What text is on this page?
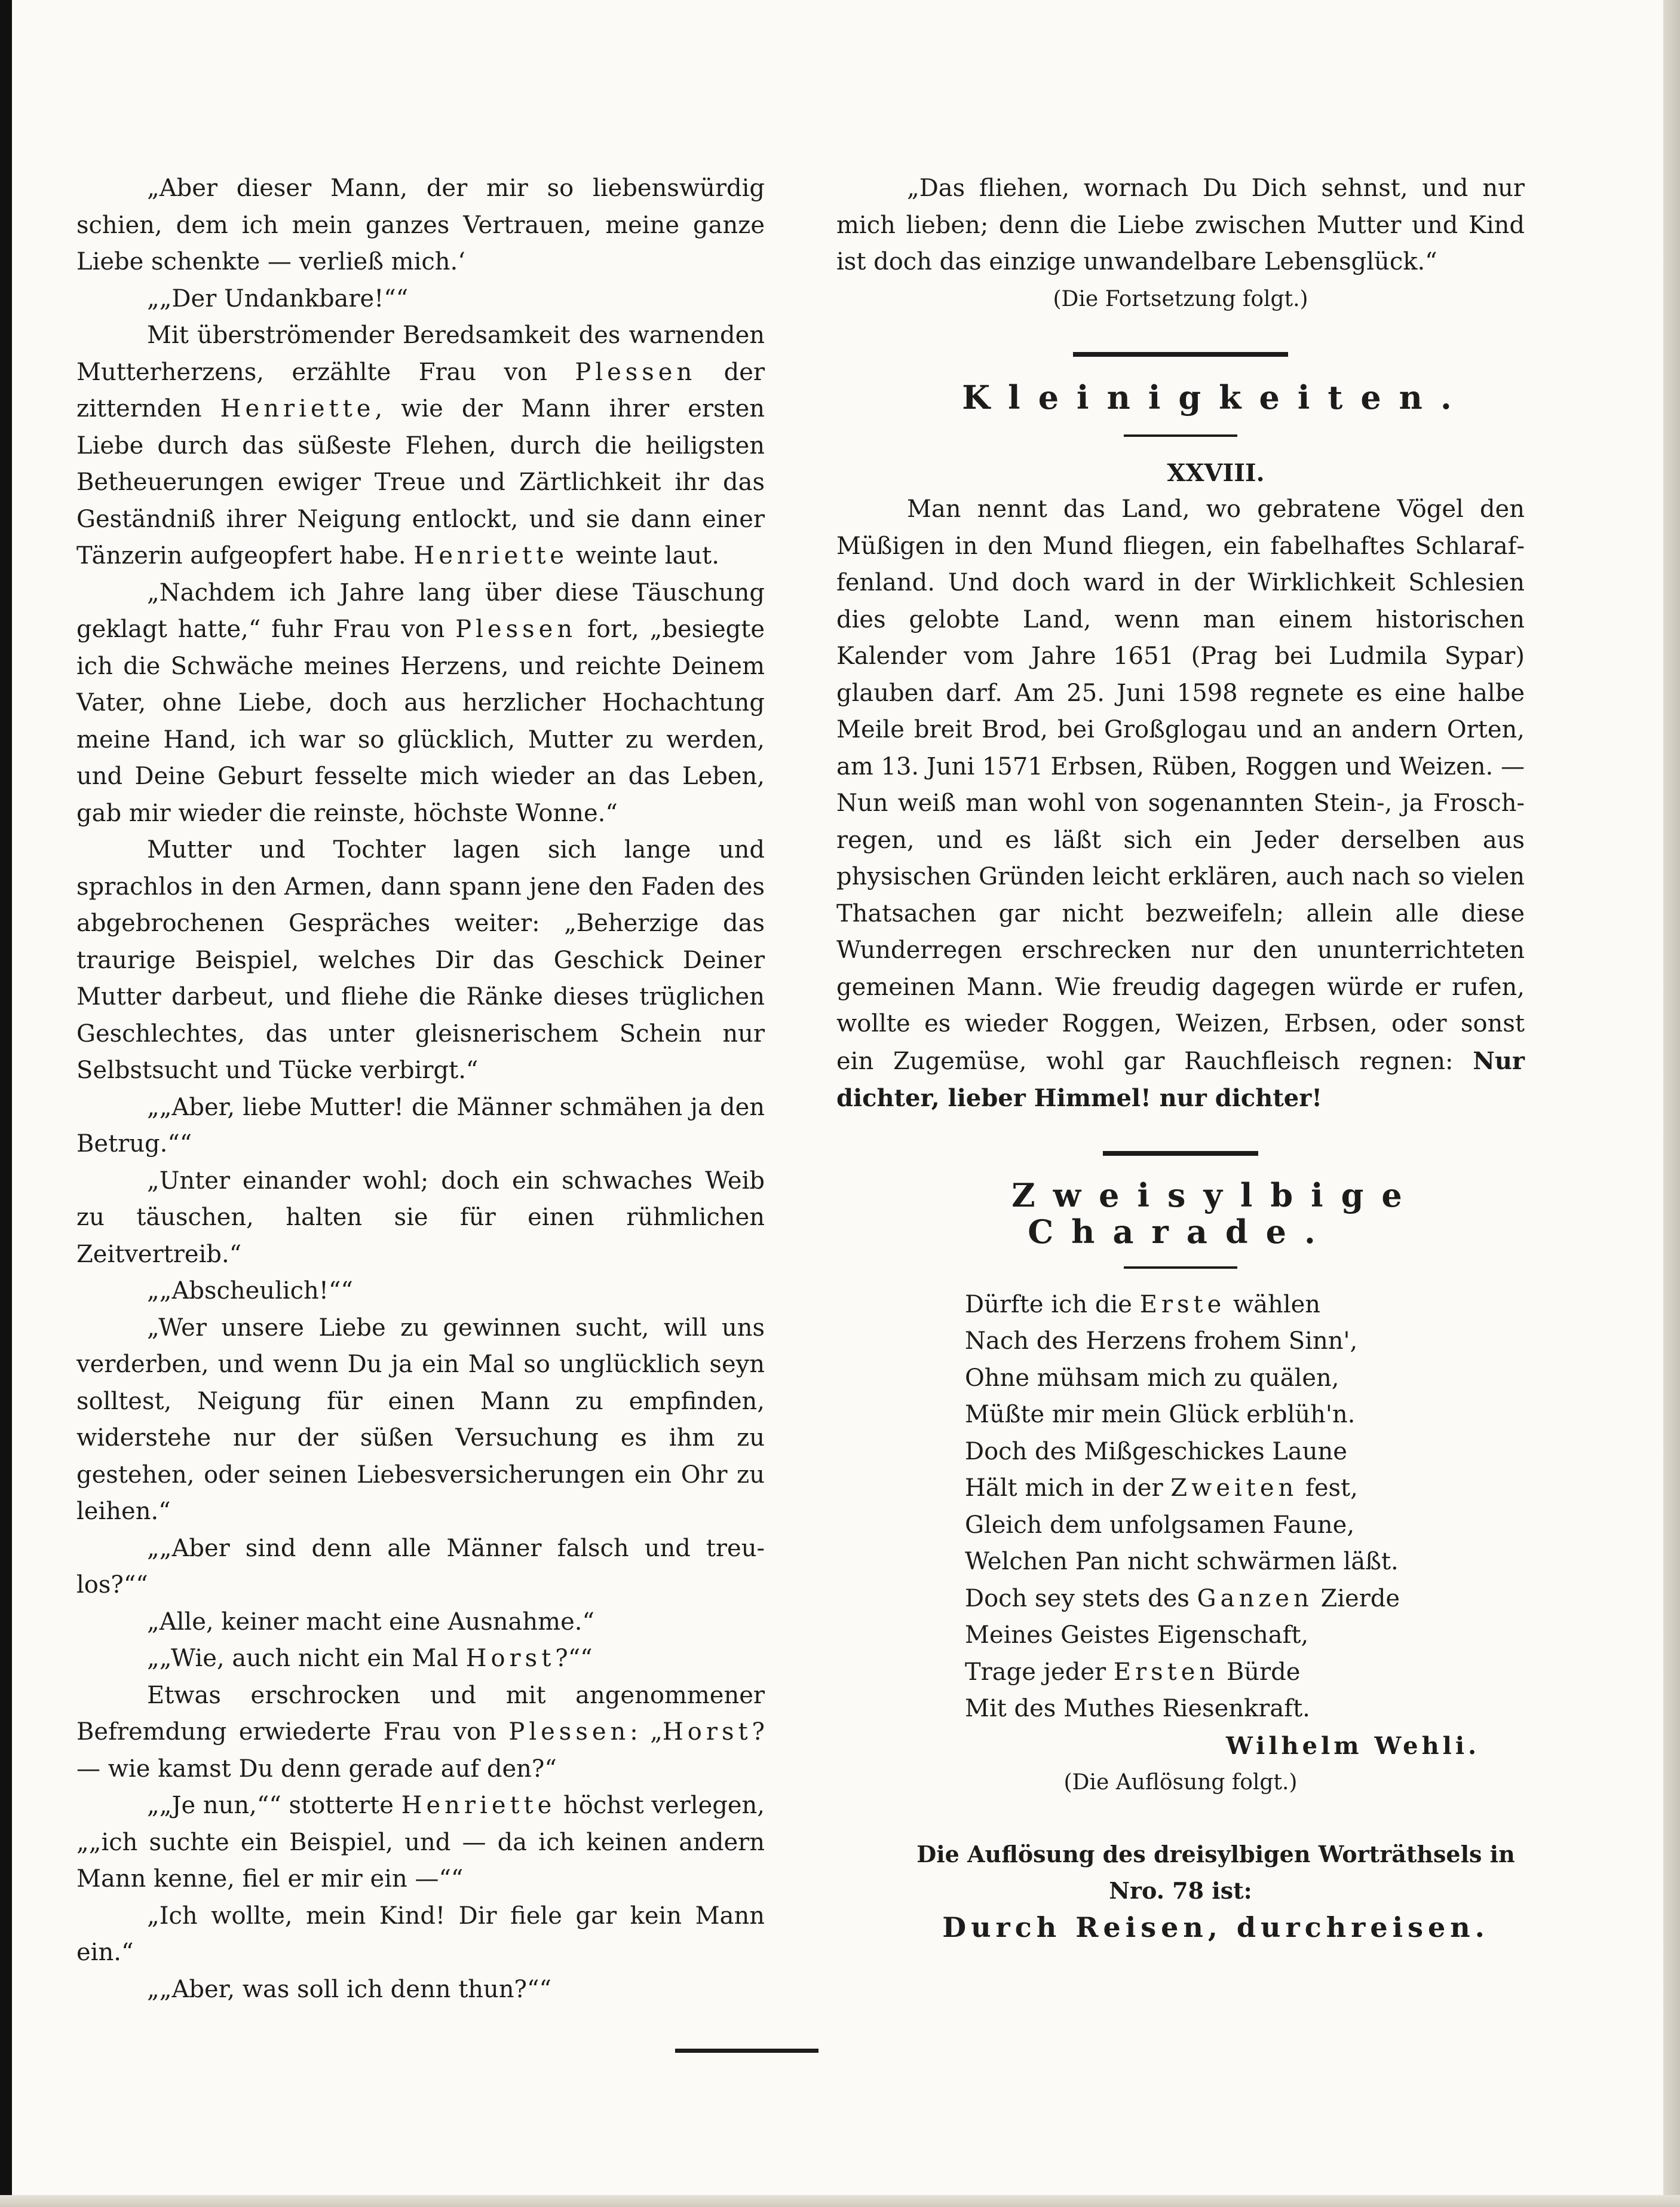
„Aber dieser Mann, der mir so liebenswürdig schien, dem ich mein ganzes Vertrauen, meine ganze Liebe schenkte — verließ mich.‘

„„Der Undankbare!““

Mit überströmender Beredsamkeit des warnenden Mutterherzens, erzählte Frau von Plessen der zitternden Henriette, wie der Mann ihrer ersten Liebe durch das süßeste Flehen, durch die heiligsten Betheuerungen ewiger Treue und Zärtlichkeit ihr das Geständniß ihrer Neigung entlockt, und sie dann einer Tänzerin aufgeopfert habe. Henriette weinte laut.

„Nachdem ich Jahre lang über diese Täuschung geklagt hatte,“ fuhr Frau von Plessen fort, „besiegte ich die Schwäche meines Herzens, und reichte Deinem Vater, ohne Liebe, doch aus herzlicher Hochachtung meine Hand, ich war so glücklich, Mutter zu werden, und Deine Geburt fesselte mich wieder an das Leben, gab mir wieder die reinste, höchste Wonne.“

Mutter und Tochter lagen sich lange und sprachlos in den Armen, dann spann jene den Faden des abgebrochenen Gespräches weiter: „Beherzige das traurige Beispiel, welches Dir das Geschick Deiner Mutter darbeut, und fliehe die Ränke dieses trüglichen Geschlechtes, das unter gleisnerischem Schein nur Selbstsucht und Tücke verbirgt.“

„„Aber, liebe Mutter! die Männer schmähen ja den Betrug.““

„Unter einander wohl; doch ein schwaches Weib zu täuschen, halten sie für einen rühmlichen Zeitvertreib.“

„„Abscheulich!““

„Wer unsere Liebe zu gewinnen sucht, will uns verderben, und wenn Du ja ein Mal so unglücklich seyn solltest, Neigung für einen Mann zu empfinden, widerstehe nur der süßen Versuchung es ihm zu gestehen, oder seinen Liebesversicherungen ein Ohr zu leihen.“

„„Aber sind denn alle Männer falsch und treulos?““

„Alle, keiner macht eine Ausnahme.“

„„Wie, auch nicht ein Mal Horst?““

Etwas erschrocken und mit angenommener Befremdung erwiederte Frau von Plessen: „Horst? — wie kamst Du denn gerade auf den?“

„„Je nun,““ stotterte Henriette höchst verlegen, „„ich suchte ein Beispiel, und — da ich keinen andern Mann kenne, fiel er mir ein —““

„Ich wollte, mein Kind! Dir fiele gar kein Mann ein.“

„„Aber, was soll ich denn thun?““

„Das fliehen, wornach Du Dich sehnst, und nur mich lieben; denn die Liebe zwischen Mutter und Kind ist doch das einzige unwandelbare Lebensglück.“

(Die Fortsetzung folgt.)

Kleinigkeiten.

XXVIII.

Man nennt das Land, wo gebratene Vögel den Müßigen in den Mund fliegen, ein fabelhaftes Schlaraffenland. Und doch ward in der Wirklichkeit Schlesien dies gelobte Land, wenn man einem historischen Kalender vom Jahre 1651 (Prag bei Ludmila Sypar) glauben darf. Am 25. Juni 1598 regnete es eine halbe Meile breit Brod, bei Großglogau und an andern Orten, am 13. Juni 1571 Erbsen, Rüben, Roggen und Weizen. — Nun weiß man wohl von sogenannten Stein-, ja Froschregen, und es läßt sich ein Jeder derselben aus physischen Gründen leicht erklären, auch nach so vielen Thatsachen gar nicht bezweifeln; allein alle diese Wunderregen erschrecken nur den ununterrichteten gemeinen Mann. Wie freudig dagegen würde er rufen, wollte es wieder Roggen, Weizen, Erbsen, oder sonst ein Zugemüse, wohl gar Rauchfleisch regnen: Nur dichter, lieber Himmel! nur dichter!

Zweisylbige Charade.

Dürfte ich die Erste wählen
Nach des Herzens frohem Sinn',
Ohne mühsam mich zu quälen,
Müßte mir mein Glück erblüh'n.
Doch des Mißgeschickes Laune
Hält mich in der Zweiten fest,
Gleich dem unfolgsamen Faune,
Welchen Pan nicht schwärmen läßt.
Doch sey stets des Ganzen Zierde
Meines Geistes Eigenschaft,
Trage jeder Ersten Bürde
Mit des Muthes Riesenkraft.

Wilhelm Wehli.

(Die Auflösung folgt.)

Die Auflösung des dreisylbigen Worträthsels in Nro. 78 ist:

Durch Reisen, durchreisen.
